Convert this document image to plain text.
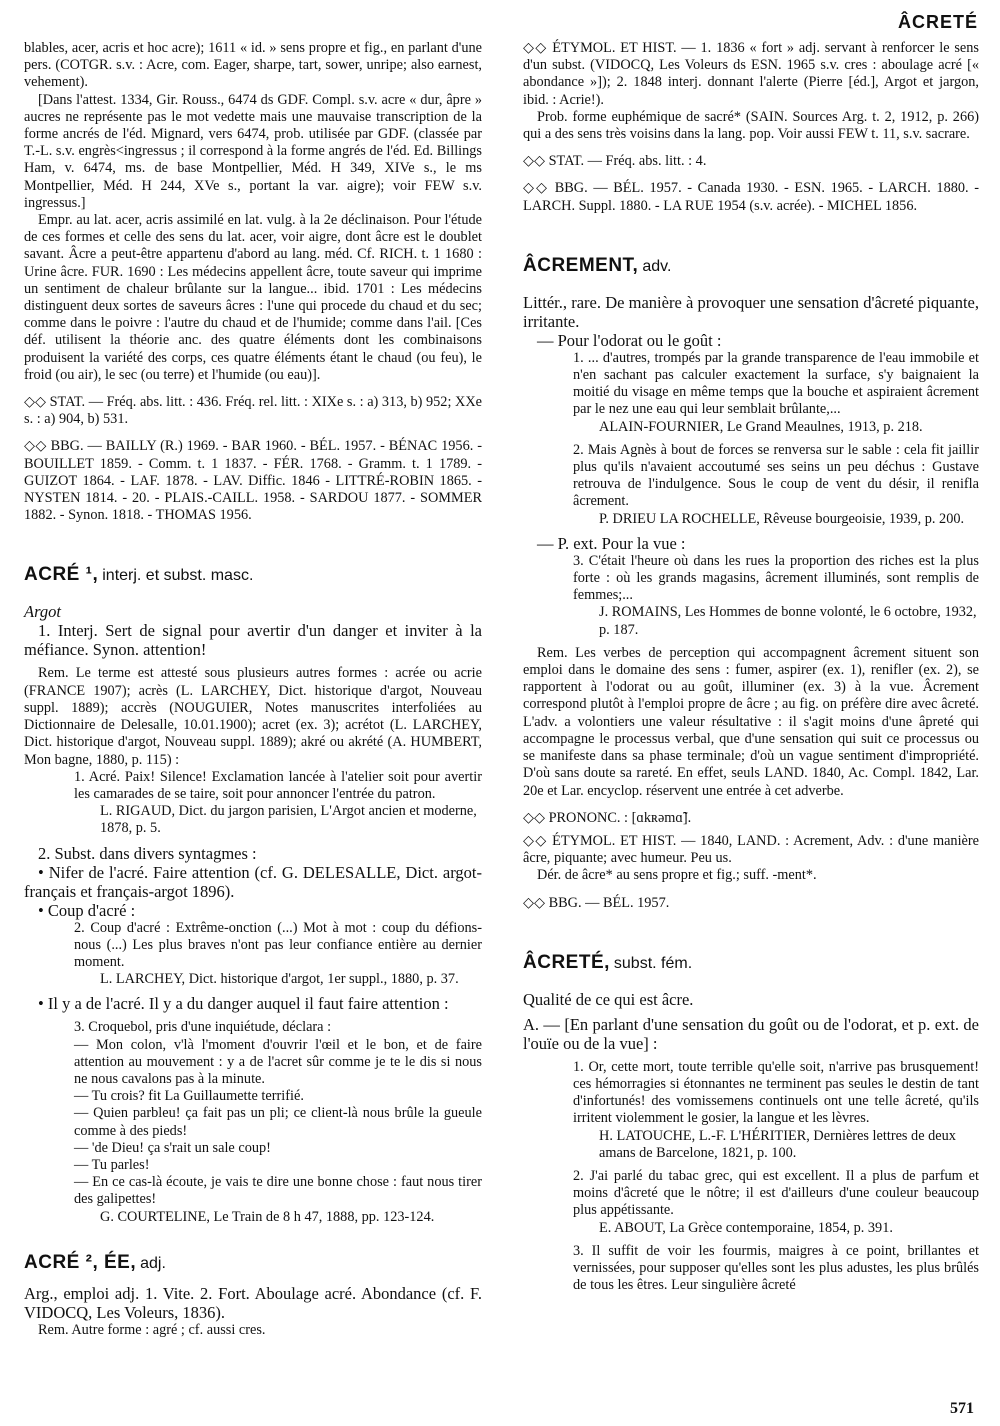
ÂCRETÉ

blables, acer, acris et hoc acre); 1611 « id. » sens propre et fig., en parlant d'une pers. (COTGR. s.v. : Acre, com. Eager, sharpe, tart, sower, unripe; also earnest, vehement).

[Dans l'attest. 1334, Gir. Rouss., 6474 ds GDF. Compl. s.v. acre « dur, âpre » aucres ne représente pas le mot vedette mais une mauvaise transcription de la forme ancrés de l'éd. Mignard, vers 6474, prob. utilisée par GDF. (classée par T.-L. s.v. engrès<ingressus ; il correspond à la forme angrés de l'éd. Ed. Billings Ham, v. 6474, ms. de base Montpellier, Méd. H 349, XIVe s., le ms Montpellier, Méd. H 244, XVe s., portant la var. aigre); voir FEW s.v. ingressus.]

Empr. au lat. acer, acris assimilé en lat. vulg. à la 2e déclinaison. Pour l'étude de ces formes et celle des sens du lat. acer, voir aigre, dont âcre est le doublet savant. Âcre a peut-être appartenu d'abord au lang. méd. Cf. RICH. t. 1 1680 : Urine âcre. FUR. 1690 : Les médecins appellent âcre, toute saveur qui imprime un sentiment de chaleur brûlante sur la langue... ibid. 1701 : Les médecins distinguent deux sortes de saveurs âcres : l'une qui procede du chaud et du sec; comme dans le poivre : l'autre du chaud et de l'humide; comme dans l'ail. [Ces déf. utilisent la théorie anc. des quatre éléments dont les combinaisons produisent la variété des corps, ces quatre éléments étant le chaud (ou feu), le froid (ou air), le sec (ou terre) et l'humide (ou eau)].

◇◇ STAT. — Fréq. abs. litt. : 436. Fréq. rel. litt. : XIXe s. : a) 313, b) 952; XXe s. : a) 904, b) 531.

◇◇ BBG. — BAILLY (R.) 1969. - BAR 1960. - BÉL. 1957. - BÉNAC 1956. - BOUILLET 1859. - Comm. t. 1 1837. - FÉR. 1768. - Gramm. t. 1 1789. - GUIZOT 1864. - LAF. 1878. - LAV. Diffic. 1846 - LITTRÉ-ROBIN 1865. - NYSTEN 1814. - 20. - PLAIS.-CAILL. 1958. - SARDOU 1877. - SOMMER 1882. - Synon. 1818. - THOMAS 1956.

ACRÉ ¹, interj. et subst. masc.

Argot

1. Interj. Sert de signal pour avertir d'un danger et inviter à la méfiance. Synon. attention!

Rem. Le terme est attesté sous plusieurs autres formes : acrée ou acrie (FRANCE 1907); acrès (L. LARCHEY, Dict. historique d'argot, Nouveau suppl. 1889); accrès (NOUGUIER, Notes manuscrites interfoliées au Dictionnaire de Delesalle, 10.01.1900); acret (ex. 3); acrétot (L. LARCHEY, Dict. historique d'argot, Nouveau suppl. 1889); akré ou akrété (A. HUMBERT, Mon bagne, 1880, p. 115) :

1. Acré. Paix! Silence! Exclamation lancée à l'atelier soit pour avertir les camarades de se taire, soit pour annoncer l'entrée du patron.

L. RIGAUD, Dict. du jargon parisien, L'Argot ancien et moderne, 1878, p. 5.

2. Subst. dans divers syntagmes :

• Nifer de l'acré. Faire attention (cf. G. DELESALLE, Dict. argot-français et français-argot 1896).

• Coup d'acré :

2. Coup d'acré : Extrême-onction (...) Mot à mot : coup du défions-nous (...) Les plus braves n'ont pas leur confiance entière au dernier moment.

L. LARCHEY, Dict. historique d'argot, 1er suppl., 1880, p. 37.

• Il y a de l'acré. Il y a du danger auquel il faut faire attention :

3. Croquebol, pris d'une inquiétude, déclara :

— Mon colon, v'là l'moment d'ouvrir l'œil et le bon, et de faire attention au mouvement : y a de l'acret sûr comme je te le dis si nous ne nous cavalons pas à la minute.

— Tu crois? fit La Guillaumette terrifié.

— Quien parbleu! ça fait pas un pli; ce client-là nous brûle la gueule comme à des pieds!

— 'de Dieu! ça s'rait un sale coup!

— Tu parles!

— En ce cas-là écoute, je vais te dire une bonne chose : faut nous tirer des galipettes!

G. COURTELINE, Le Train de 8 h 47, 1888, pp. 123-124.

ACRÉ ², ÉE, adj.

Arg., emploi adj. 1. Vite. 2. Fort. Aboulage acré. Abondance (cf. F. VIDOCQ, Les Voleurs, 1836).

Rem. Autre forme : agré ; cf. aussi cres.

◇◇ ÉTYMOL. ET HIST. — 1. 1836 « fort » adj. servant à renforcer le sens d'un subst. (VIDOCQ, Les Voleurs ds ESN. 1965 s.v. cres : aboulage acré [« abondance »]); 2. 1848 interj. donnant l'alerte (Pierre [éd.], Argot et jargon, ibid. : Acrie!).

Prob. forme euphémique de sacré* (SAIN. Sources Arg. t. 2, 1912, p. 266) qui a des sens très voisins dans la lang. pop. Voir aussi FEW t. 11, s.v. sacrare.

◇◇ STAT. — Fréq. abs. litt. : 4.

◇◇ BBG. — BÉL. 1957. - Canada 1930. - ESN. 1965. - LARCH. 1880. - LARCH. Suppl. 1880. - LA RUE 1954 (s.v. acrée). - MICHEL 1856.

ÂCREMENT, adv.

Littér., rare. De manière à provoquer une sensation d'âcreté piquante, irritante.

— Pour l'odorat ou le goût :

1. ... d'autres, trompés par la grande transparence de l'eau immobile et n'en sachant pas calculer exactement la surface, s'y baignaient la moitié du visage en même temps que la bouche et aspiraient âcrement par le nez une eau qui leur semblait brûlante,...

ALAIN-FOURNIER, Le Grand Meaulnes, 1913, p. 218.

2. Mais Agnès à bout de forces se renversa sur le sable : cela fit jaillir plus qu'ils n'avaient accoutumé ses seins un peu déchus : Gustave retrouva de l'indulgence. Sous le coup de vent du désir, il renifla âcrement.

P. DRIEU LA ROCHELLE, Rêveuse bourgeoisie, 1939, p. 200.

— P. ext. Pour la vue :

3. C'était l'heure où dans les rues la proportion des riches est la plus forte : où les grands magasins, âcrement illuminés, sont remplis de femmes;...

J. ROMAINS, Les Hommes de bonne volonté, le 6 octobre, 1932, p. 187.

Rem. Les verbes de perception qui accompagnent âcrement situent son emploi dans le domaine des sens : fumer, aspirer (ex. 1), renifler (ex. 2), se rapportent à l'odorat ou au goût, illuminer (ex. 3) à la vue. Âcrement correspond plutôt à l'emploi propre de âcre ; au fig. on préfère dire avec âcreté. L'adv. a volontiers une valeur résultative : il s'agit moins d'une âpreté qui accompagne le processus verbal, que d'une sensation qui suit ce processus ou se manifeste dans sa phase terminale; d'où un vague sentiment d'impropriété. D'où sans doute sa rareté. En effet, seuls LAND. 1840, Ac. Compl. 1842, Lar. 20e et Lar. encyclop. réservent une entrée à cet adverbe.

◇◇ PRONONC. : [ɑkʀəmɑ̃].

◇◇ ÉTYMOL. ET HIST. — 1840, LAND. : Acrement, Adv. : d'une manière âcre, piquante; avec humeur. Peu us.

Dér. de âcre* au sens propre et fig.; suff. -ment*.

◇◇ BBG. — BÉL. 1957.

ÂCRETÉ, subst. fém.

Qualité de ce qui est âcre.

A. — [En parlant d'une sensation du goût ou de l'odorat, et p. ext. de l'ouïe ou de la vue] :

1. Or, cette mort, toute terrible qu'elle soit, n'arrive pas brusquement! ces hémorragies si étonnantes ne terminent pas seules le destin de tant d'infortunés! des vomissemens continuels ont une telle âcreté, qu'ils irritent violemment le gosier, la langue et les lèvres.

H. LATOUCHE, L.-F. L'HÉRITIER, Dernières lettres de deux amans de Barcelone, 1821, p. 100.

2. J'ai parlé du tabac grec, qui est excellent. Il a plus de parfum et moins d'âcreté que le nôtre; il est d'ailleurs d'une couleur beaucoup plus appétissante.

E. ABOUT, La Grèce contemporaine, 1854, p. 391.

3. Il suffit de voir les fourmis, maigres à ce point, brillantes et vernissées, pour supposer qu'elles sont les plus adustes, les plus brûlés de tous les êtres. Leur singulière âcreté

571
